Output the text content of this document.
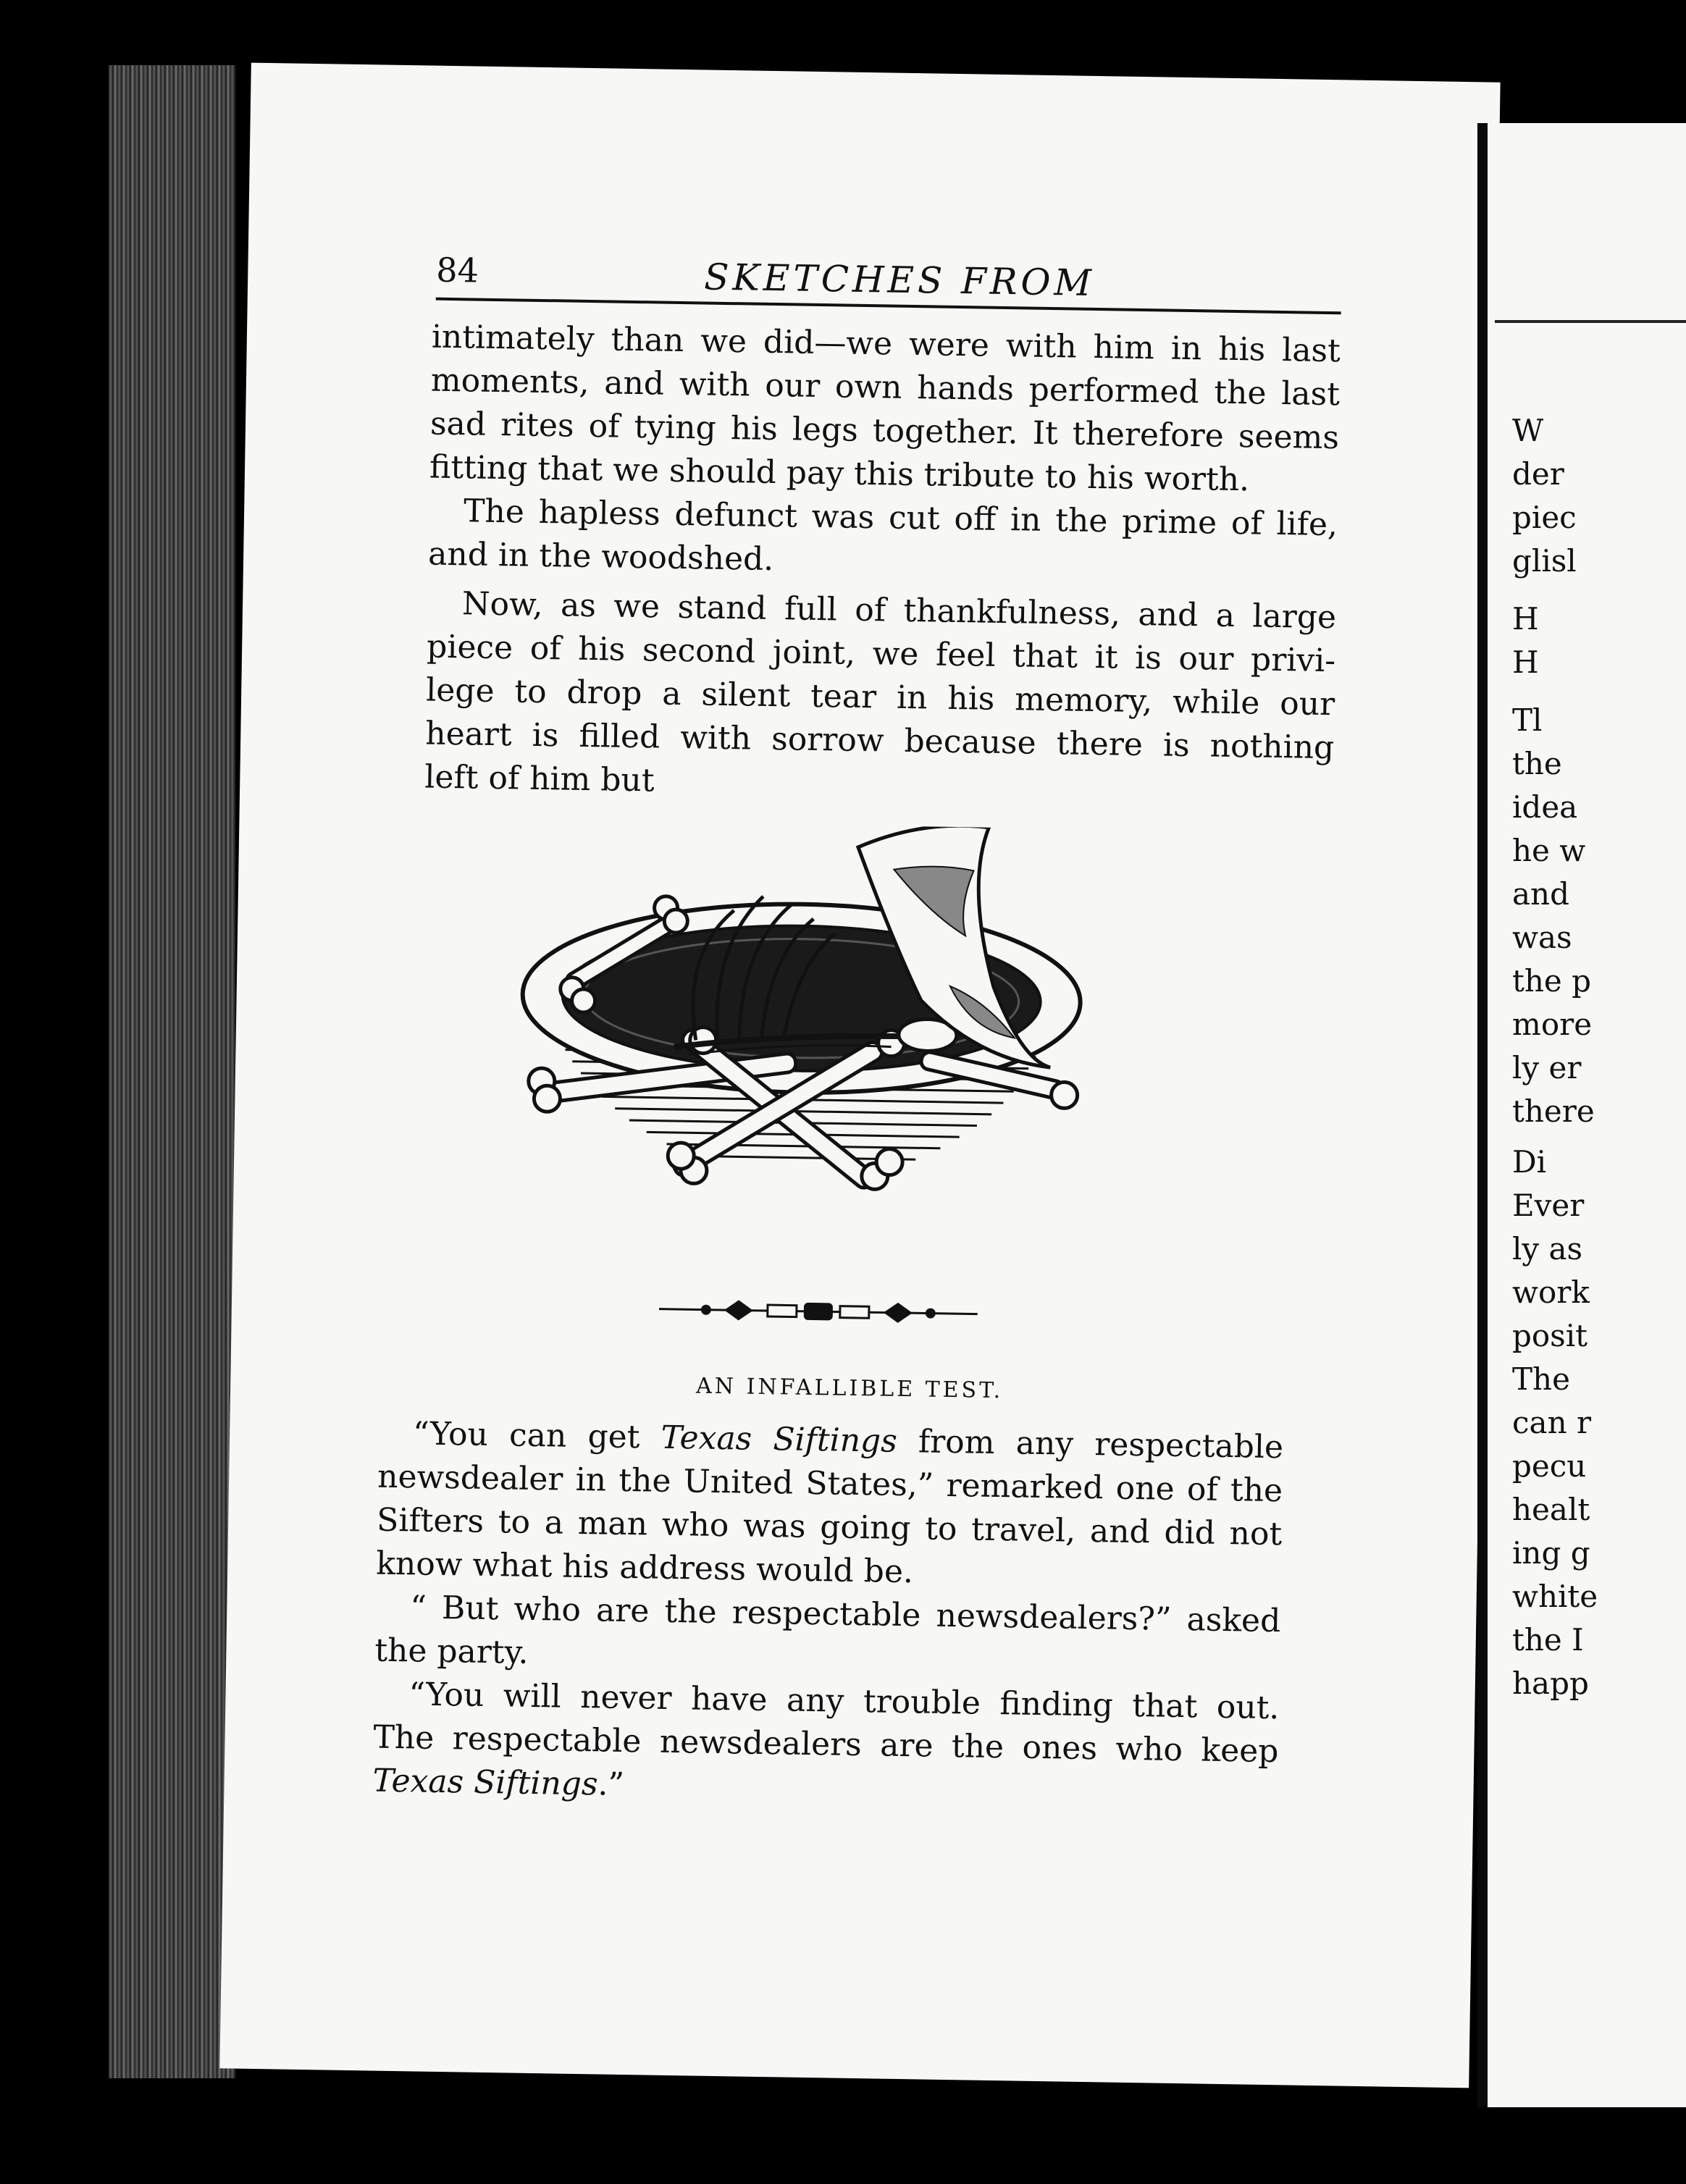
84	SKETCHES FROM
intimately than we did—we were with him in his last
moments, and with our own hands performed the last
sad rites of tying his legs together. It therefore seems
fitting that we should pay this tribute to his worth.
The hapless defunct was cut off in the prime of life,
and in the woodshed.
Now, as we stand full of thankfulness, and a large
piece of his second joint, we feel that it is our privi-
lege to drop a silent tear in his memory, while our
heart is filled with sorrow because there is nothing
left of him but
AN INFALLIBLE TEST.
“You can get Texas Siftings from any respectable
newsdealer in the United States,” remarked one of the
Sifters to a man who was going to travel, and did not
know what his address would be.
“ But who are the respectable newsdealers?” asked
the party.
“You will never have any trouble finding that out.
The respectable newsdealers are the ones who keep
Texas Siftings.”
W
der
piec
glisl
H
H
Tl
the
idea
he w
and
was
the p
more
ly er
there
Di
Ever
ly as
work
posit
The
can r
pecu
healt
ing g
white
the I
happ
